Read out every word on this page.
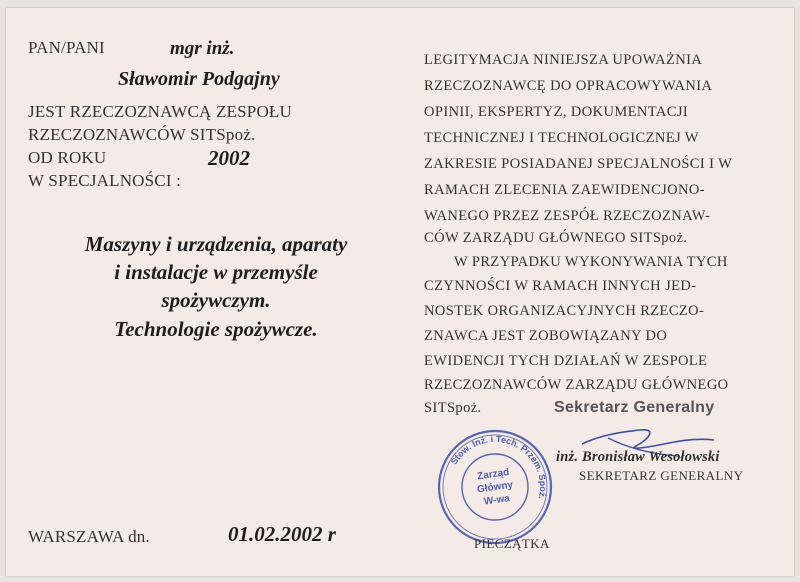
PAN/PANI	mgr inż.
Sławomir Podgajny
JEST RZECZOZNAWCĄ ZESPOŁU
RZECZOZNAWCÓW SITSpoż.
OD ROKU	2002
W SPECJALNOŚCI :
Maszyny i urządzenia, aparaty
i instalacje w przemyśle
spożywczym.
Technologie spożywcze.
WARSZAWA dn.	01.02.2002 r
LEGITYMACJA NINIEJSZA UPOWAŻNIA
RZECZOZNAWCĘ DO OPRACOWYWANIA
OPINII, EKSPERTYZ, DOKUMENTACJI
TECHNICZNEJ I TECHNOLOGICZNEJ W
ZAKRESIE POSIADANEJ SPECJALNOŚCI I W
RAMACH ZLECENIA ZAEWIDENCJONO-
WANEGO PRZEZ ZESPÓŁ RZECZOZNAW-
CÓW ZARZĄDU GŁÓWNEGO SITSpoż.
W PRZYPADKU WYKONYWANIA TYCH
CZYNNOŚCI W RAMACH INNYCH JED-
NOSTEK ORGANIZACYJNYCH RZECZO-
ZNAWCA JEST ZOBOWIĄZANY DO
EWIDENCJI TYCH DZIAŁAŃ W ZESPOLE
RZECZOZNAWCÓW ZARZĄDU GŁÓWNEGO
SITSpoż.	Sekretarz Generalny
inż. Bronisław Wesołowski
SEKRETARZ GENERALNY
Stow. Inż. i Tech. Przem. Spoż.
Zarząd
Główny
W-wa
PIECZĄTKA
